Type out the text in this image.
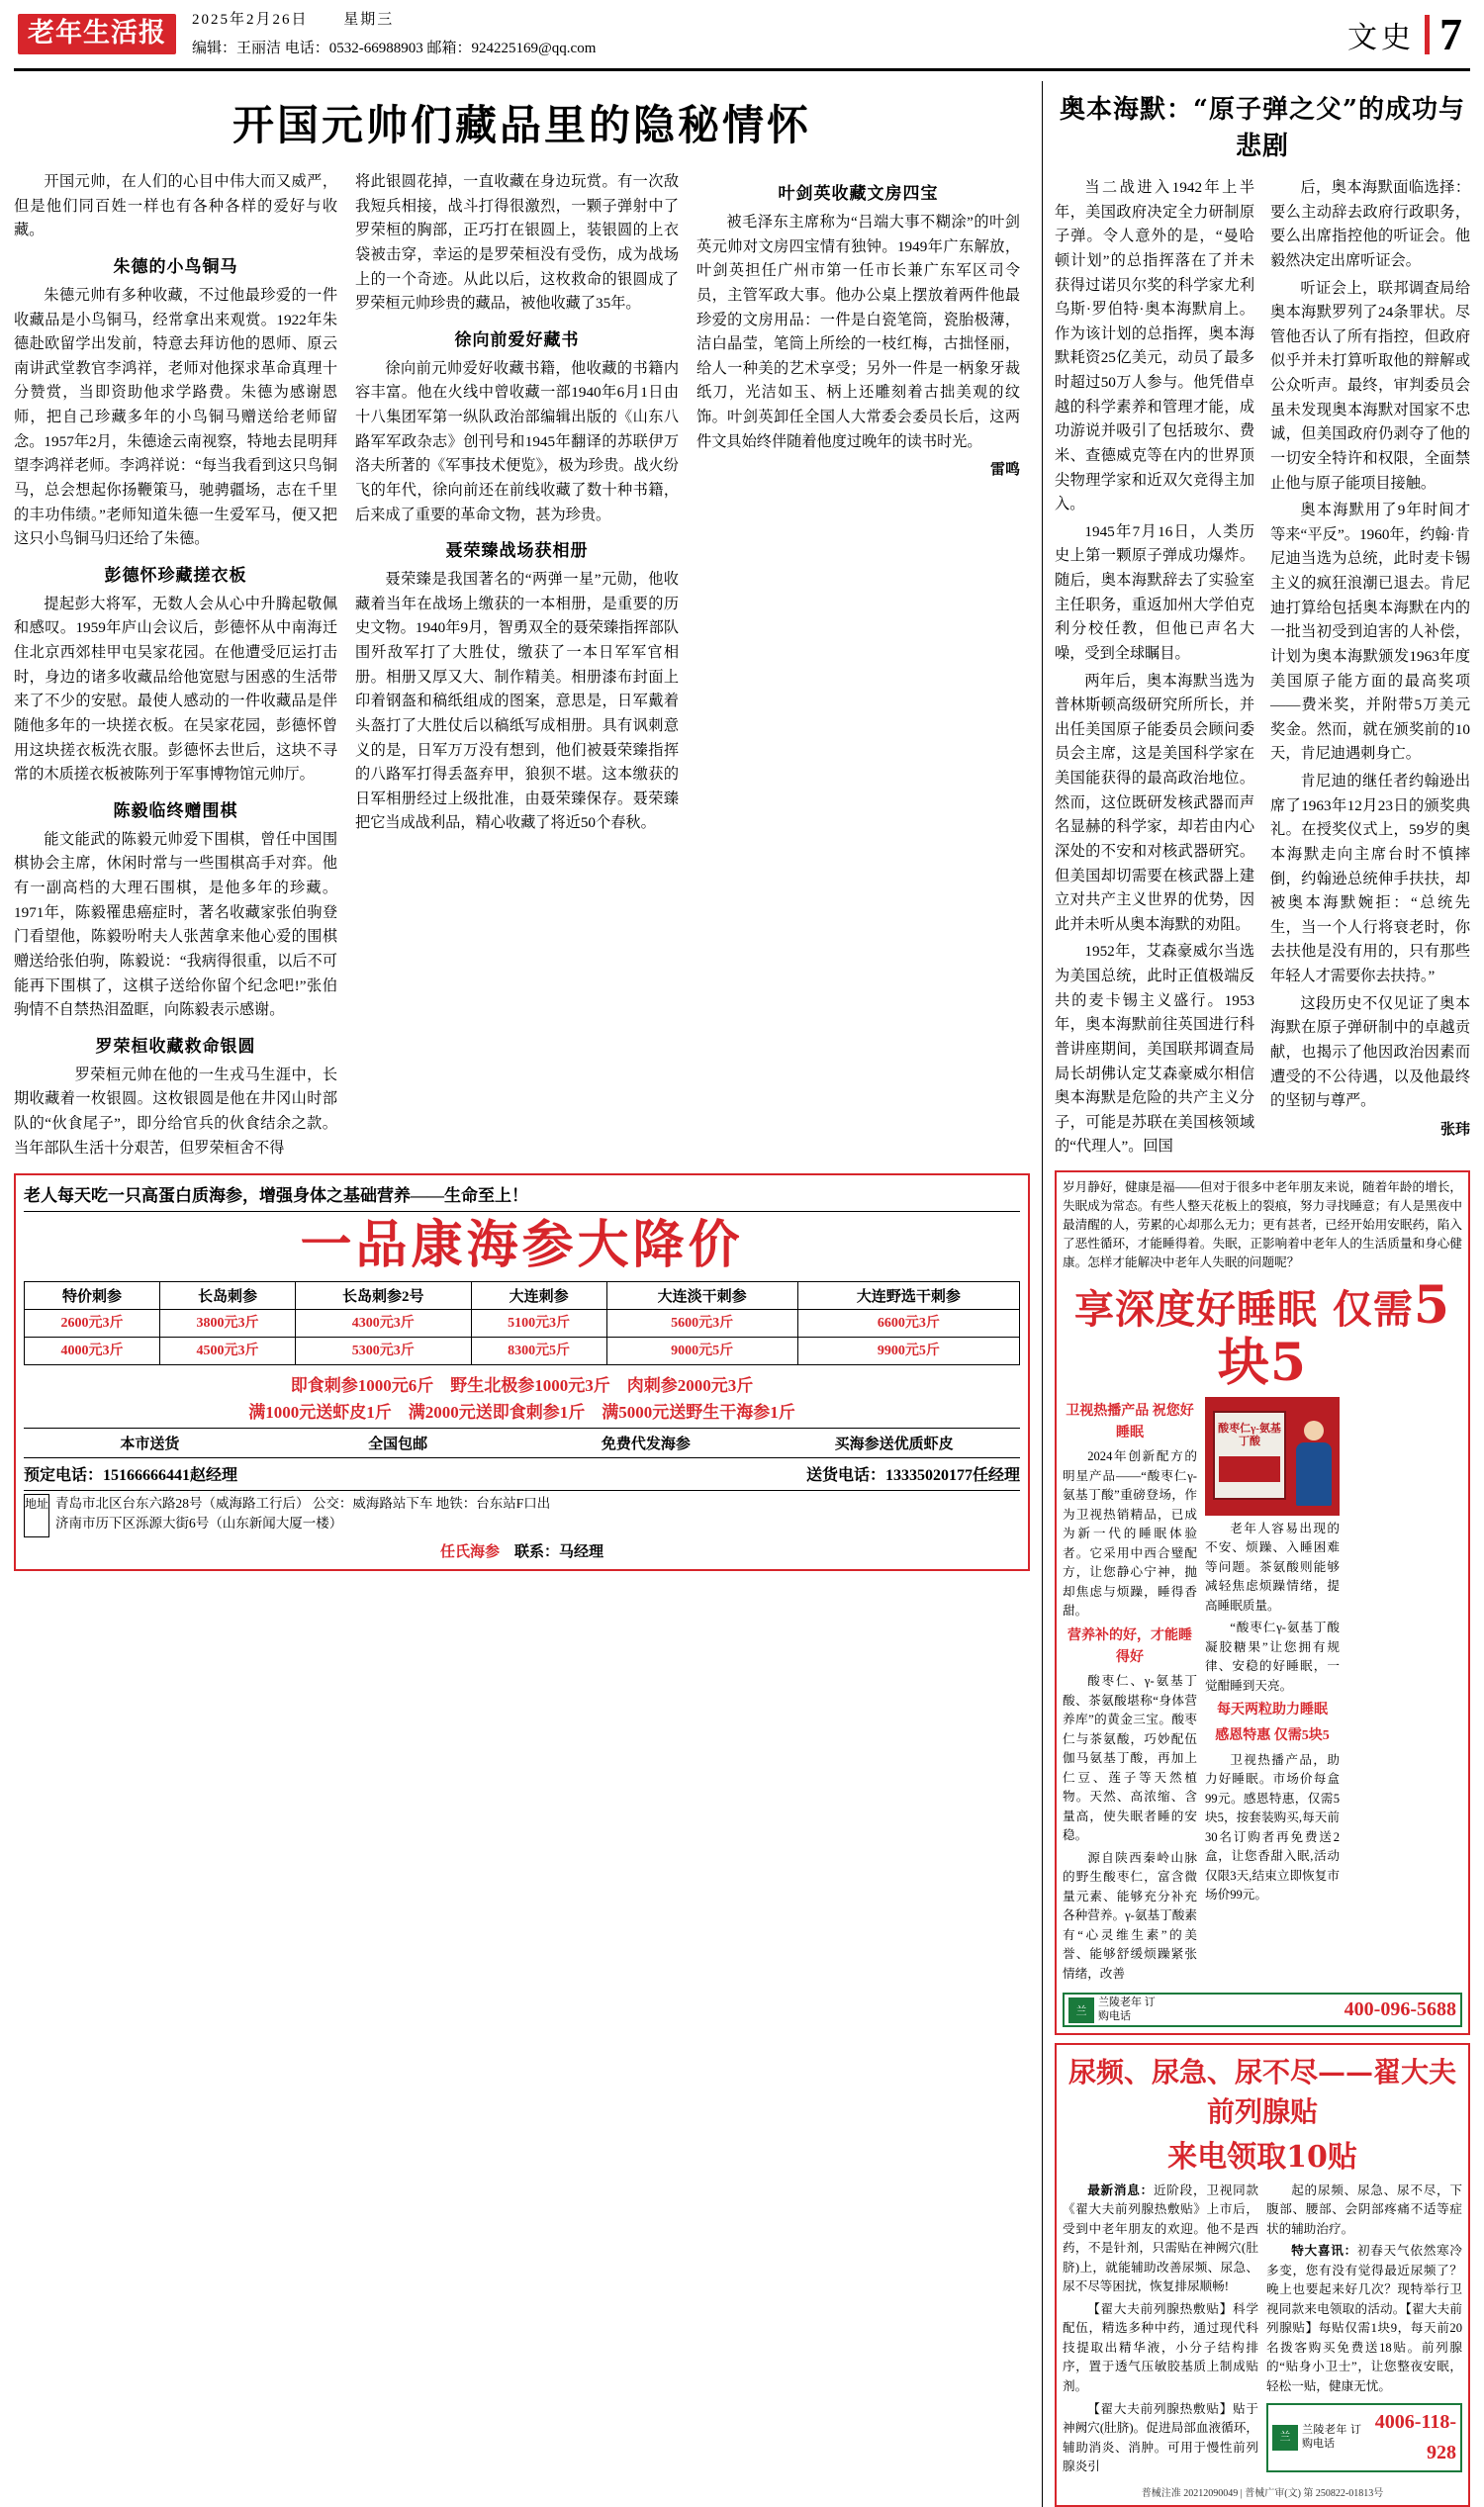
老年生活报	2025年2月26日 星期三
编辑：王丽洁 电话：0532-66988903 邮箱：924225169@qq.com	文史 7
开国元帅们藏品里的隐秘情怀

开国元帅，在人们的心目中伟大而又威严，但是他们同百姓一样也有各种各样的爱好与收藏。

朱德的小鸟铜马

朱德元帅有多种收藏，不过他最珍爱的一件收藏品是小鸟铜马，经常拿出来观赏。1922年朱德赴欧留学出发前，特意去拜访他的恩师、原云南讲武堂教官李鸿祥，老师对他探求革命真理十分赞赏，当即资助他求学路费。朱德为感谢恩师，把自己珍藏多年的小鸟铜马赠送给老师留念。1957年2月，朱德途云南视察，特地去昆明拜望李鸿祥老师。李鸿祥说：“每当我看到这只鸟铜马，总会想起你扬鞭策马，驰骋疆场，志在千里的丰功伟绩。”老师知道朱德一生爱军马，便又把这只小鸟铜马归还给了朱德。

彭德怀珍藏搓衣板

提起彭大将军，无数人会从心中升腾起敬佩和感叹。1959年庐山会议后，彭德怀从中南海迁住北京西郊桂甲屯吴家花园。在他遭受厄运打击时，身边的诸多收藏品给他宽慰与困惑的生活带来了不少的安慰。最使人感动的一件收藏品是伴随他多年的一块搓衣板。在吴家花园，彭德怀曾用这块搓衣板洗衣服。彭德怀去世后，这块不寻常的木质搓衣板被陈列于军事博物馆元帅厅。

陈毅临终赠围棋

能文能武的陈毅元帅爱下围棋，曾任中国围棋协会主席，休闲时常与一些围棋高手对弈。他有一副高档的大理石围棋，是他多年的珍藏。1971年，陈毅罹患癌症时，著名收藏家张伯驹登门看望他，陈毅吩咐夫人张茜拿来他心爱的围棋赠送给张伯驹，陈毅说：“我病得很重，以后不可能再下围棋了，这棋子送给你留个纪念吧!”张伯驹情不自禁热泪盈眶，向陈毅表示感谢。

罗荣桓收藏救命银圆

　　罗荣桓元帅在他的一生戎马生涯中，长期收藏着一枚银圆。这枚银圆是他在井冈山时部队的“伙食尾子”，即分给官兵的伙食结余之款。当年部队生活十分艰苦，但罗荣桓舍不得

将此银圆花掉，一直收藏在身边玩赏。有一次敌我短兵相接，战斗打得很激烈，一颗子弹射中了罗荣桓的胸部，正巧打在银圆上，装银圆的上衣袋被击穿，幸运的是罗荣桓没有受伤，成为战场上的一个奇迹。从此以后，这枚救命的银圆成了罗荣桓元帅珍贵的藏品，被他收藏了35年。

徐向前爱好藏书

徐向前元帅爱好收藏书籍，他收藏的书籍内容丰富。他在火线中曾收藏一部1940年6月1日由十八集团军第一纵队政治部编辑出版的《山东八路军军政杂志》创刊号和1945年翻译的苏联伊万洛夫所著的《军事技术便览》，极为珍贵。战火纷飞的年代，徐向前还在前线收藏了数十种书籍，后来成了重要的革命文物，甚为珍贵。

聂荣臻战场获相册

聂荣臻是我国著名的“两弹一星”元勋，他收藏着当年在战场上缴获的一本相册，是重要的历史文物。1940年9月，智勇双全的聂荣臻指挥部队围歼敌军打了大胜仗，缴获了一本日军军官相册。相册又厚又大、制作精美。相册漆布封面上印着钢盔和稿纸组成的图案，意思是，日军戴着头盔打了大胜仗后以稿纸写成相册。具有讽刺意义的是，日军万万没有想到，他们被聂荣臻指挥的八路军打得丢盔弃甲，狼狈不堪。这本缴获的日军相册经过上级批准，由聂荣臻保存。聂荣臻把它当成战利品，精心收藏了将近50个春秋。

叶剑英收藏文房四宝

被毛泽东主席称为“吕端大事不糊涂”的叶剑英元帅对文房四宝情有独钟。1949年广东解放，叶剑英担任广州市第一任市长兼广东军区司令员，主管军政大事。他办公桌上摆放着两件他最珍爱的文房用品：一件是白瓷笔筒，瓷胎极薄，洁白晶莹，笔筒上所绘的一枝红梅，古拙怪丽，给人一种美的艺术享受；另外一件是一柄象牙裁纸刀，光洁如玉、柄上还雕刻着古拙美观的纹饰。叶剑英卸任全国人大常委会委员长后，这两件文具始终伴随着他度过晚年的读书时光。

雷鸣
老人每天吃一只高蛋白质海参，增强身体之基础营养——生命至上！
一品康海参大降价
特价刺参	长岛刺参	长岛刺参2号	大连刺参	大连淡干刺参	大连野选干刺参
2600元3斤	3800元3斤	4300元3斤	5100元3斤	5600元3斤	6600元3斤
4000元3斤	4500元3斤	5300元3斤	8300元5斤	9000元5斤	9900元5斤
即食刺参1000元6斤 野生北极参1000元3斤 肉刺参2000元3斤
满1000元送虾皮1斤 满2000元送即食刺参1斤 满5000元送野生干海参1斤
本市送货	全国包邮	免费代发海参	买海参送优质虾皮
预定电话：15166666441赵经理	送货电话：13335020177任经理
地址 青岛市北区台东六路28号（威海路工行后） 公交：威海路站下车 地铁：台东站F口出
济南市历下区泺源大街6号（山东新闻大厦一楼）
任氏海参 联系：马经理
奥本海默：“原子弹之父”的成功与悲剧

当二战进入1942年上半年，美国政府决定全力研制原子弹。令人意外的是，“曼哈顿计划”的总指挥落在了并未获得过诺贝尔奖的科学家尤利乌斯·罗伯特·奥本海默肩上。作为该计划的总指挥，奥本海默耗资25亿美元，动员了最多时超过50万人参与。他凭借卓越的科学素养和管理才能，成功游说并吸引了包括玻尔、费米、查德威克等在内的世界顶尖物理学家和近双欠竞得主加入。

1945年7月16日，人类历史上第一颗原子弹成功爆炸。随后，奥本海默辞去了实验室主任职务，重返加州大学伯克利分校任教，但他已声名大噪，受到全球瞩目。

两年后，奥本海默当选为普林斯顿高级研究所所长，并出任美国原子能委员会顾问委员会主席，这是美国科学家在美国能获得的最高政治地位。然而，这位既研发核武器而声名显赫的科学家，却若由内心深处的不安和对核武器研究。但美国却切需要在核武器上建立对共产主义世界的优势，因此并未听从奥本海默的劝阻。

1952年，艾森豪威尔当选为美国总统，此时正值极端反共的麦卡锡主义盛行。1953年，奥本海默前往英国进行科普讲座期间，美国联邦调查局局长胡佛认定艾森豪威尔相信奥本海默是危险的共产主义分子，可能是苏联在美国核领域的“代理人”。回国

后，奥本海默面临选择：要么主动辞去政府行政职务，要么出席指控他的听证会。他毅然决定出席听证会。

听证会上，联邦调查局给奥本海默罗列了24条罪状。尽管他否认了所有指控，但政府似乎并未打算听取他的辩解或公众听声。最终，审判委员会虽未发现奥本海默对国家不忠诚，但美国政府仍剥夺了他的一切安全特许和权限，全面禁止他与原子能项目接触。

奥本海默用了9年时间才等来“平反”。1960年，约翰·肯尼迪当选为总统，此时麦卡锡主义的疯狂浪潮已退去。肯尼迪打算给包括奥本海默在内的一批当初受到迫害的人补偿，计划为奥本海默颁发1963年度美国原子能方面的最高奖项——费米奖，并附带5万美元奖金。然而，就在颁奖前的10天，肯尼迪遇刺身亡。

肯尼迪的继任者约翰逊出席了1963年12月23日的颁奖典礼。在授奖仪式上，59岁的奥本海默走向主席台时不慎摔倒，约翰逊总统伸手扶扶，却被奥本海默婉拒：“总统先生，当一个人行将衰老时，你去扶他是没有用的，只有那些年轻人才需要你去扶持。”

这段历史不仅见证了奥本海默在原子弹研制中的卓越贡献，也揭示了他因政治因素而遭受的不公待遇，以及他最终的坚韧与尊严。

张玮

岁月静好，健康是福——但对于很多中老年朋友来说，随着年龄的增长，失眠成为常态。有些人整天花板上的裂痕，努力寻找睡意；有人是黑夜中最清醒的人，劳累的心却那么无力；更有甚者，已经开始用安眠药，陷入了恶性循环，才能睡得着。失眠，正影响着中老年人的生活质量和身心健康。怎样才能解决中老年人失眠的问题呢？

享深度好睡眠 仅需5块5
卫视热播产品 祝您好睡眠

2024年创新配方的明星产品——“酸枣仁γ-氨基丁酸”重磅登场，作为卫视热销精品，已成为新一代的睡眠体验者。它采用中西合璧配方，让您静心宁神，抛却焦虑与烦躁，睡得香甜。

营养补的好，才能睡得好

酸枣仁、γ-氨基丁酸、茶氨酸堪称“身体营养库”的黄金三宝。酸枣仁与茶氨酸，巧妙配伍伽马氨基丁酸，再加上仁豆、莲子等天然植物。天然、高浓缩、含量高，使失眠者睡的安稳。

源自陕西秦岭山脉的野生酸枣仁，富含微量元素、能够充分补充各种营养。γ-氨基丁酸素有“心灵维生素”的美誉、能够舒缓烦躁紧张情绪，改善

酸枣仁γ-氨基丁酸

老年人容易出现的不安、烦躁、入睡困难等问题。茶氨酸则能够减轻焦虑烦躁情绪，提高睡眠质量。

“酸枣仁γ-氨基丁酸凝胶糖果”让您拥有规律、安稳的好睡眠，一觉酣睡到天亮。

每天两粒助力睡眠
感恩特惠 仅需5块5

卫视热播产品，助力好睡眠。市场价每盒99元。感恩特惠，仅需5块5，按套装购买,每天前30名订购者再免费送2盒，让您香甜入眠,活动仅限3天,结束立即恢复市场价99元。

兰
兰陵老年 订购电话	400-096-5688
尿频、尿急、尿不尽——翟大夫前列腺贴
来电领取10贴

最新消息：近阶段，卫视同款《翟大夫前列腺热敷贴》上市后，受到中老年朋友的欢迎。他不是西药，不是针剂，只需贴在神阙穴(肚脐)上，就能辅助改善尿频、尿急、尿不尽等困扰，恢复排尿顺畅!

【翟大夫前列腺热敷贴】科学配伍，精选多种中药，通过现代科技提取出精华液，小分子结构排序，置于透气压敏胶基质上制成贴剂。

【翟大夫前列腺热敷贴】贴于神阙穴(肚脐)。促进局部血液循环，辅助消炎、消肿。可用于慢性前列腺炎引

起的尿频、尿急、尿不尽，下腹部、腰部、会阴部疼痛不适等症状的辅助治疗。

特大喜讯：初春天气依然寒冷多变，您有没有觉得最近尿频了？晚上也要起来好几次？现特举行卫视同款来电领取的活动。【翟大夫前列腺贴】每贴仅需1块9，每天前20名拨客购买免费送18贴。前列腺的“贴身小卫士”，让您整夜安眠，轻松一贴，健康无忧。

兰
兰陵老年 订购电话
4006-118-928
普械注准 20212090049 | 普械广审(文) 第 250822-01813号
